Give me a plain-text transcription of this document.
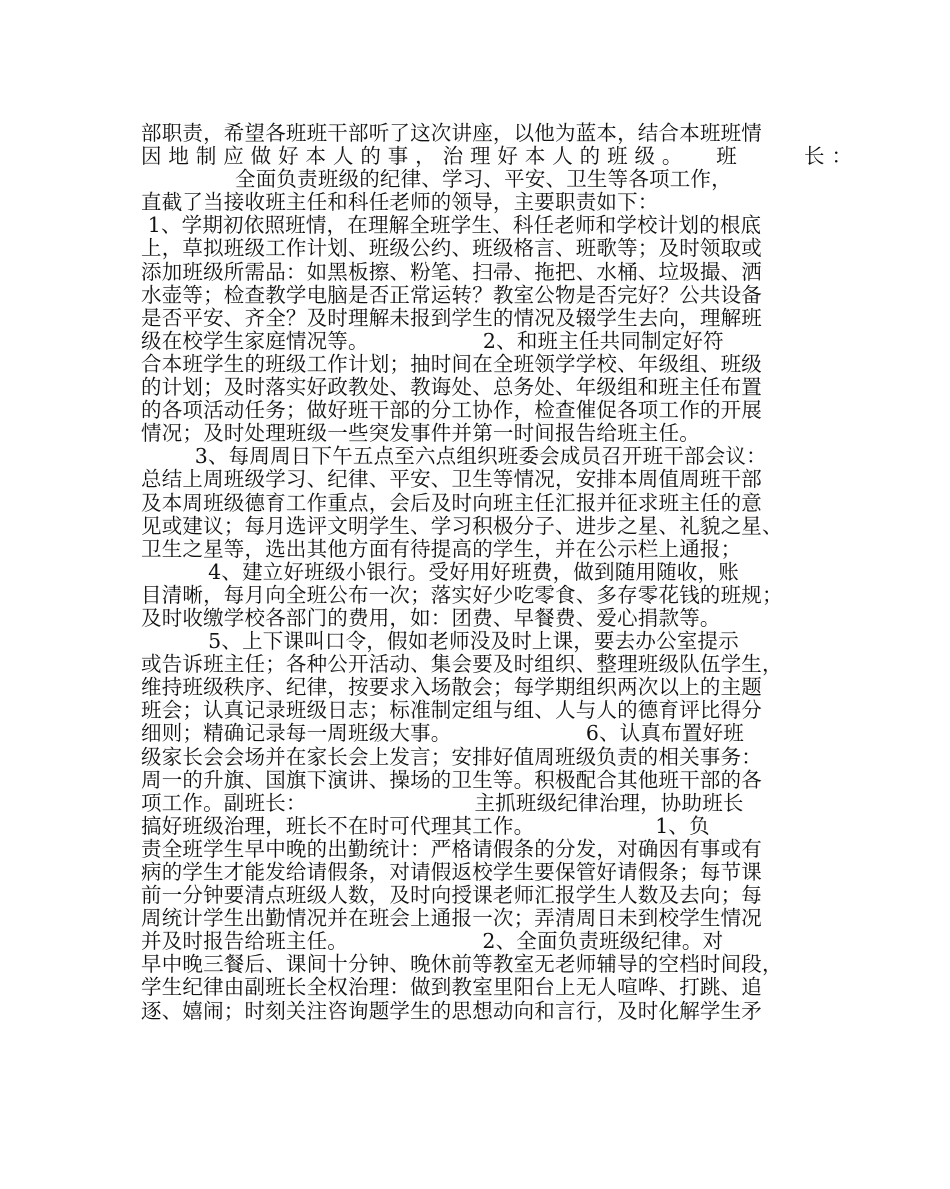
部职责，希望各班班干部听了这次讲座，以他为蓝本，结合本班班情
因 地 制 应 做 好 本 人 的 事 ， 治 理 好 本 人 的 班 级 。     班          长 ：
全面负责班级的纪律、学习、平安、卫生等各项工作，
直截了当接收班主任和科任老师的领导，主要职责如下：
1、学期初依照班情，在理解全班学生、科任老师和学校计划的根底
上，草拟班级工作计划、班级公约、班级格言、班歌等；及时领取或
添加班级所需品：如黑板擦、粉笔、扫帚、拖把、水桶、垃圾撮、洒
水壶等；检查教学电脑是否正常运转？教室公物是否完好？公共设备
是否平安、齐全？及时理解未报到学生的情况及辍学生去向，理解班
级在校学生家庭情况等。                 2、和班主任共同制定好符
合本班学生的班级工作计划；抽时间在全班领学学校、年级组、班级
的计划；及时落实好政教处、教诲处、总务处、年级组和班主任布置
的各项活动任务；做好班干部的分工协作，检查催促各项工作的开展
情况；及时处理班级一些突发事件并第一时间报告给班主任。
3、每周周日下午五点至六点组织班委会成员召开班干部会议：
总结上周班级学习、纪律、平安、卫生等情况，安排本周值周班干部
及本周班级德育工作重点，会后及时向班主任汇报并征求班主任的意
见或建议；每月选评文明学生、学习积极分子、进步之星、礼貌之星、
卫生之星等，选出其他方面有待提高的学生，并在公示栏上通报；
4、建立好班级小银行。受好用好班费，做到随用随收，账
目清晰，每月向全班公布一次；落实好少吃零食、多存零花钱的班规；
及时收缴学校各部门的费用，如：团费、早餐费、爱心捐款等。
5、上下课叫口令，假如老师没及时上课，要去办公室提示
或告诉班主任；各种公开活动、集会要及时组织、整理班级队伍学生，
维持班级秩序、纪律，按要求入场散会；每学期组织两次以上的主题
班会；认真记录班级日志；标准制定组与组、人与人的德育评比得分
细则；精确记录每一周班级大事。                    6、认真布置好班
级家长会会场并在家长会上发言；安排好值周班级负责的相关事务：
周一的升旗、国旗下演讲、操场的卫生等。积极配合其他班干部的各
项工作。副班长：                         主抓班级纪律治理，协助班长
搞好班级治理，班长不在时可代理其工作。                  1、负
责全班学生早中晚的出勤统计：严格请假条的分发，对确因有事或有
病的学生才能发给请假条，对请假返校学生要保管好请假条；每节课
前一分钟要清点班级人数，及时向授课老师汇报学生人数及去向；每
周统计学生出勤情况并在班会上通报一次；弄清周日未到校学生情况
并及时报告给班主任。                    2、全面负责班级纪律。对
早中晚三餐后、课间十分钟、晚休前等教室无老师辅导的空档时间段，
学生纪律由副班长全权治理：做到教室里阳台上无人喧哗、打跳、追
逐、嬉闹；时刻关注咨询题学生的思想动向和言行，及时化解学生矛
